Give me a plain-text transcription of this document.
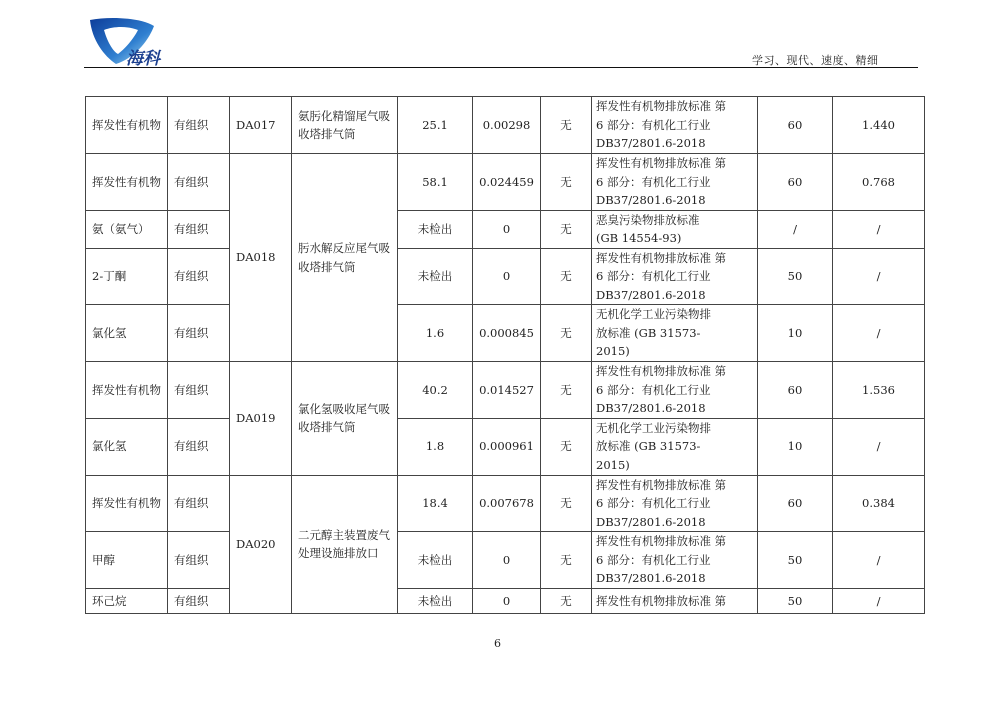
海科	学习、现代、速度、精细
挥发性有机物	有组织	DA017	氨肟化精馏尾气吸收塔排气筒	25.1	0.00298	无	挥发性有机物排放标准 第
6 部分：有机化工行业
DB37/2801.6-2018	60	1.440
挥发性有机物	有组织	DA018	肟水解反应尾气吸收塔排气筒	58.1	0.024459	无	挥发性有机物排放标准 第
6 部分：有机化工行业
DB37/2801.6-2018	60	0.768
氨（氨气）	有组织			未检出	0	无	恶臭污染物排放标准
(GB 14554-93)	/	/
2-丁酮	有组织			未检出	0	无	挥发性有机物排放标准 第
6 部分：有机化工行业
DB37/2801.6-2018	50	/
氯化氢	有组织			1.6	0.000845	无	无机化学工业污染物排
放标准 (GB 31573-
2015)	10	/
挥发性有机物	有组织	DA019	氯化氢吸收尾气吸收塔排气筒	40.2	0.014527	无	挥发性有机物排放标准 第
6 部分：有机化工行业
DB37/2801.6-2018	60	1.536
氯化氢	有组织			1.8	0.000961	无	无机化学工业污染物排
放标准 (GB 31573-
2015)	10	/
挥发性有机物	有组织	DA020	二元醇主装置废气处理设施排放口	18.4	0.007678	无	挥发性有机物排放标准 第
6 部分：有机化工行业
DB37/2801.6-2018	60	0.384
甲醇	有组织			未检出	0	无	挥发性有机物排放标准 第
6 部分：有机化工行业
DB37/2801.6-2018	50	/
环己烷	有组织			未检出	0	无	挥发性有机物排放标准 第	50	/
6
